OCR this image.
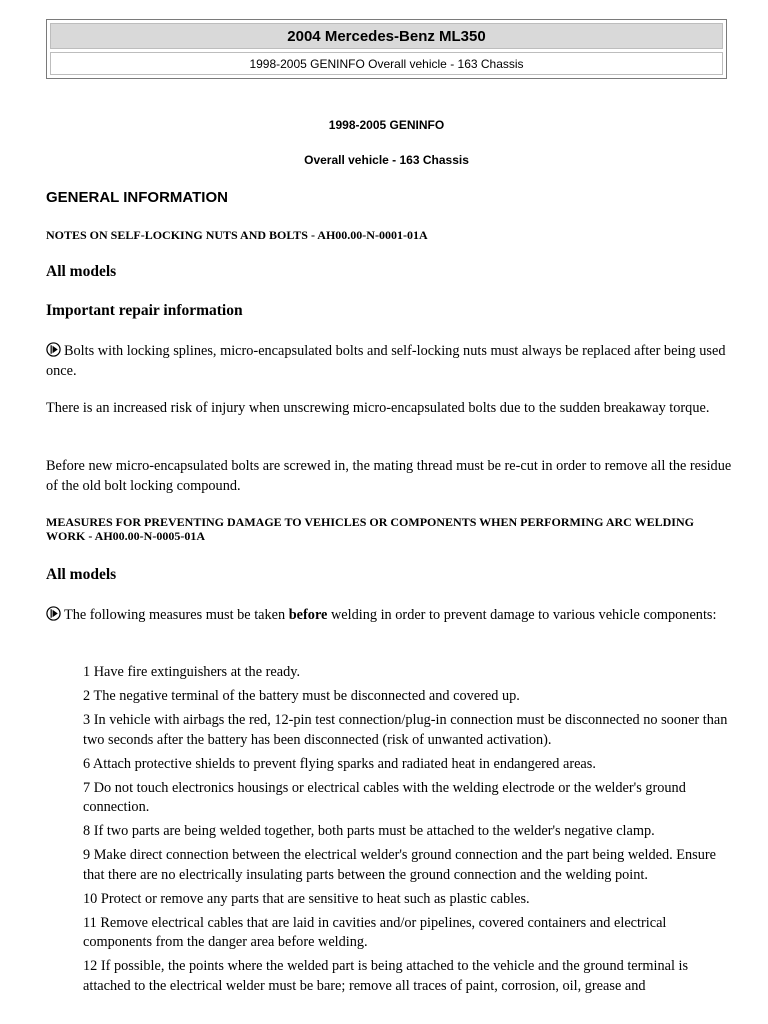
2004 Mercedes-Benz ML350
1998-2005 GENINFO Overall vehicle - 163 Chassis
1998-2005 GENINFO
Overall vehicle - 163 Chassis
GENERAL INFORMATION
NOTES ON SELF-LOCKING NUTS AND BOLTS - AH00.00-N-0001-01A
All models
Important repair information
Bolts with locking splines, micro-encapsulated bolts and self-locking nuts must always be replaced after being used once.
There is an increased risk of injury when unscrewing micro-encapsulated bolts due to the sudden breakaway torque.
Before new micro-encapsulated bolts are screwed in, the mating thread must be re-cut in order to remove all the residue of the old bolt locking compound.
MEASURES FOR PREVENTING DAMAGE TO VEHICLES OR COMPONENTS WHEN PERFORMING ARC WELDING WORK - AH00.00-N-0005-01A
All models
The following measures must be taken before welding in order to prevent damage to various vehicle components:
1 Have fire extinguishers at the ready.
2 The negative terminal of the battery must be disconnected and covered up.
3 In vehicle with airbags the red, 12-pin test connection/plug-in connection must be disconnected no sooner than two seconds after the battery has been disconnected (risk of unwanted activation).
6 Attach protective shields to prevent flying sparks and radiated heat in endangered areas.
7 Do not touch electronics housings or electrical cables with the welding electrode or the welder's ground connection.
8 If two parts are being welded together, both parts must be attached to the welder's negative clamp.
9 Make direct connection between the electrical welder's ground connection and the part being welded. Ensure that there are no electrically insulating parts between the ground connection and the welding point.
10 Protect or remove any parts that are sensitive to heat such as plastic cables.
11 Remove electrical cables that are laid in cavities and/or pipelines, covered containers and electrical components from the danger area before welding.
12 If possible, the points where the welded part is being attached to the vehicle and the ground terminal is attached to the electrical welder must be bare; remove all traces of paint, corrosion, oil, grease and
